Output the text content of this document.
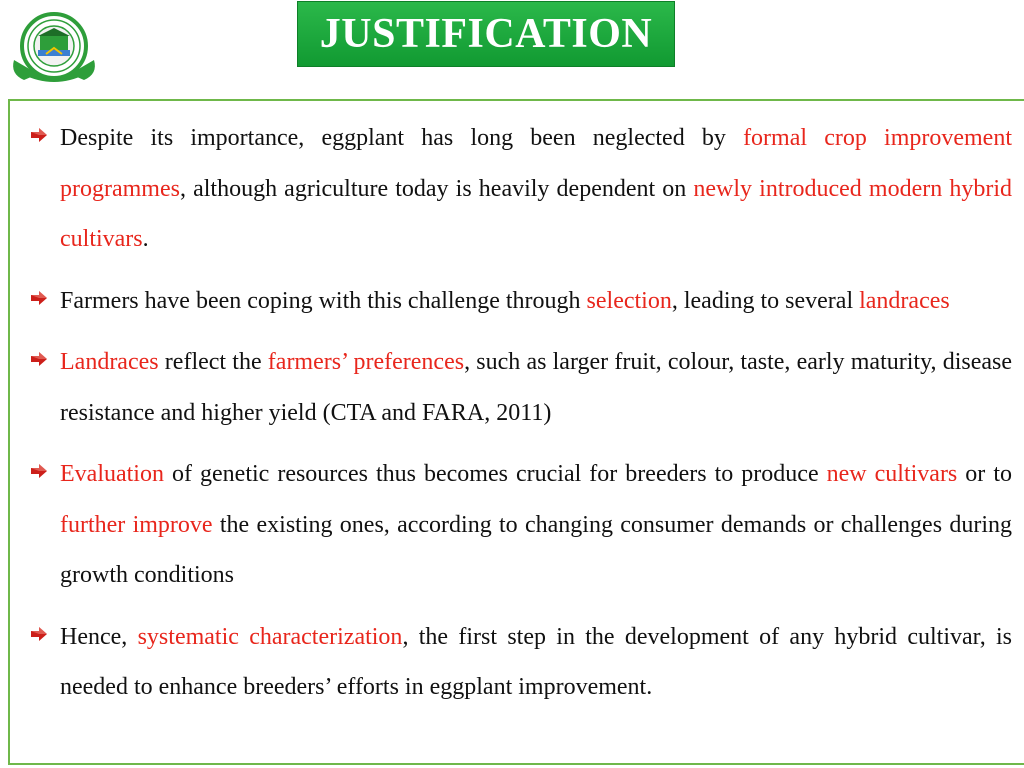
JUSTIFICATION

Despite its importance, eggplant has long been neglected by formal crop improvement programmes, although agriculture today is heavily dependent on newly introduced modern hybrid cultivars.

Farmers have been coping with this challenge through selection, leading to several landraces

Landraces reflect the farmers’ preferences, such as larger fruit, colour, taste, early maturity, disease resistance and higher yield (CTA and FARA, 2011)

Evaluation of genetic resources thus becomes crucial for breeders to produce new cultivars or to further improve the existing ones, according to changing consumer demands or challenges during growth conditions

Hence, systematic characterization, the first step in the development of any hybrid cultivar, is needed to enhance breeders’ efforts in eggplant improvement.
